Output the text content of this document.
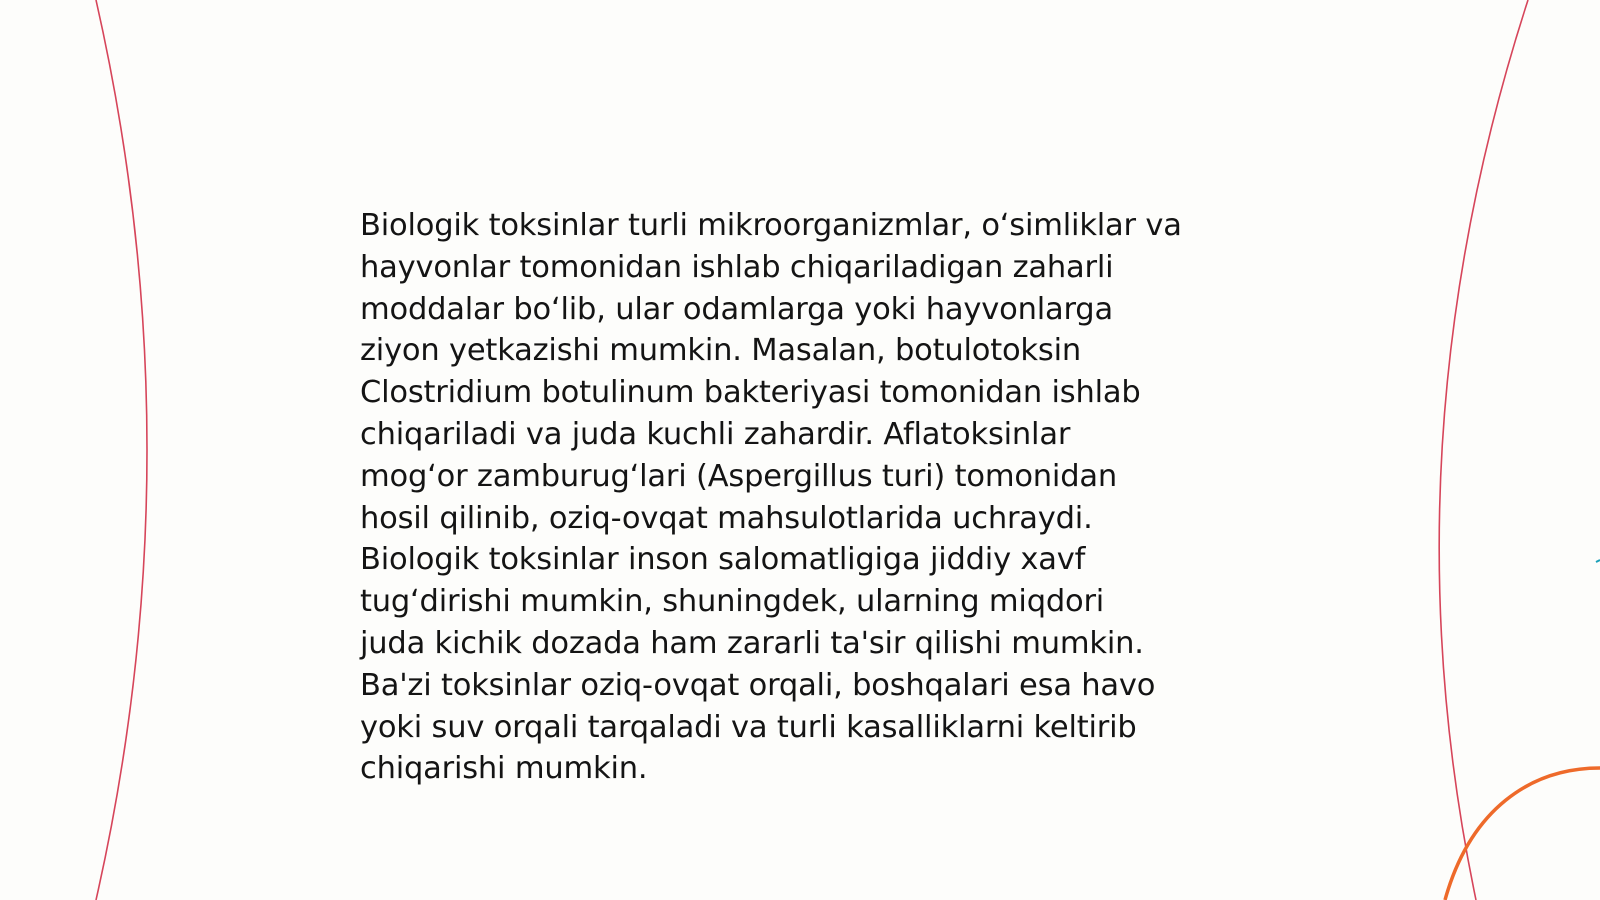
Biologik toksinlar turli mikroorganizmlar, o‘simliklar va
hayvonlar tomonidan ishlab chiqariladigan zaharli
moddalar bo‘lib, ular odamlarga yoki hayvonlarga
ziyon yetkazishi mumkin. Masalan, botulotoksin
Clostridium botulinum bakteriyasi tomonidan ishlab
chiqariladi va juda kuchli zahardir. Aflatoksinlar
mog‘or zamburug‘lari (Aspergillus turi) tomonidan
hosil qilinib, oziq-ovqat mahsulotlarida uchraydi.
Biologik toksinlar inson salomatligiga jiddiy xavf
tug‘dirishi mumkin, shuningdek, ularning miqdori
juda kichik dozada ham zararli ta'sir qilishi mumkin.
Ba'zi toksinlar oziq-ovqat orqali, boshqalari esa havo
yoki suv orqali tarqaladi va turli kasalliklarni keltirib
chiqarishi mumkin.
